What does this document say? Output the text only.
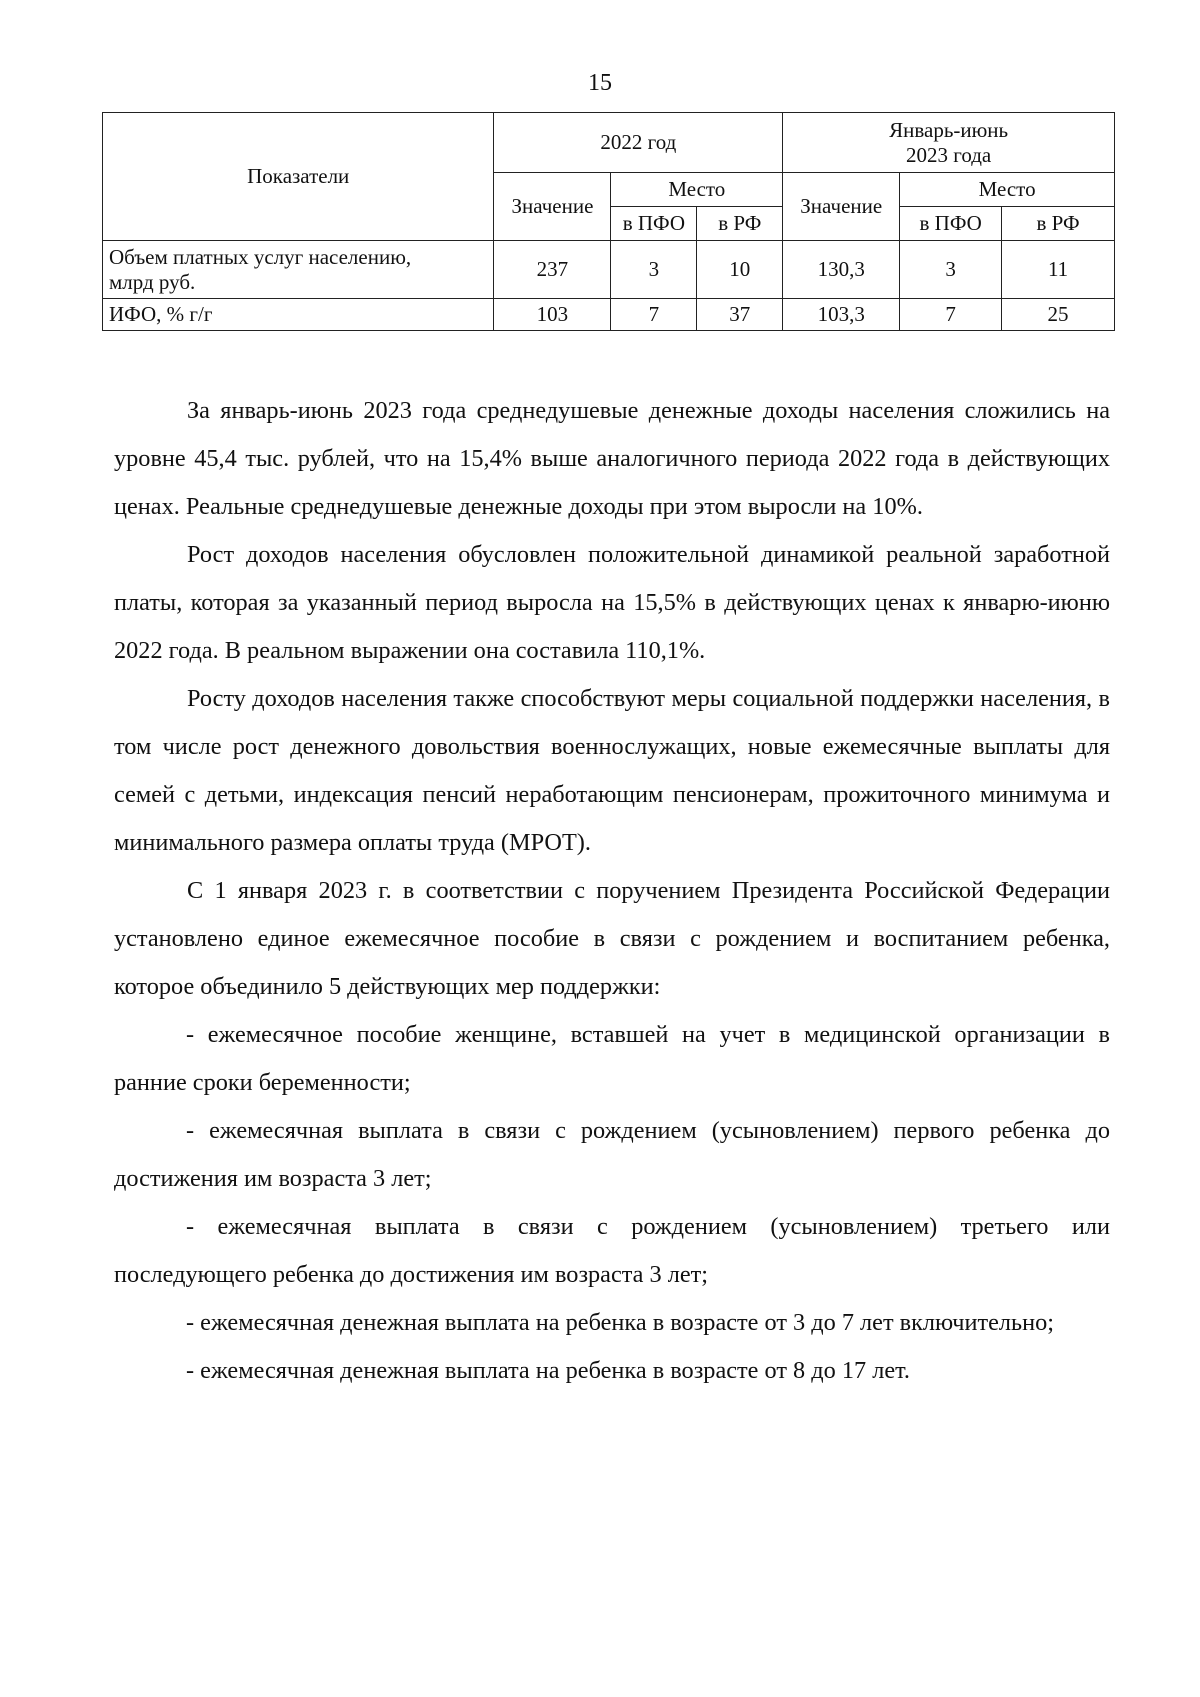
15
Показатели	2022 год			Январь-июнь
2023 года		
	Значение	Место		Значение	Место	
		в ПФО	в РФ		в ПФО	в РФ
Объем платных услуг населению,
млрд руб.	237	3	10	130,3	3	11
ИФО, % г/г	103	7	37	103,3	7	25

За январь-июнь 2023 года среднедушевые денежные доходы населения сложились на уровне 45,4 тыс. рублей, что на 15,4% выше аналогичного периода 2022 года в действующих ценах. Реальные среднедушевые денежные доходы при этом выросли на 10%.

Рост доходов населения обусловлен положительной динамикой реальной заработной платы, которая за указанный период выросла на 15,5% в действующих ценах к январю-июню 2022 года. В реальном выражении она составила 110,1%.

Росту доходов населения также способствуют меры социальной поддержки населения, в том числе рост денежного довольствия военнослужащих, новые ежемесячные выплаты для семей с детьми, индексация пенсий неработающим пенсионерам, прожиточного минимума и минимального размера оплаты труда (МРОТ).

С 1 января 2023 г. в соответствии с поручением Президента Российской Федерации установлено единое ежемесячное пособие в связи с рождением и воспитанием ребенка, которое объединило 5 действующих мер поддержки:

- ежемесячное пособие женщине, вставшей на учет в медицинской организации в ранние сроки беременности;

- ежемесячная выплата в связи с рождением (усыновлением) первого ребенка до достижения им возраста 3 лет;

- ежемесячная выплата в связи с рождением (усыновлением) третьего или последующего ребенка до достижения им возраста 3 лет;

- ежемесячная денежная выплата на ребенка в возрасте от 3 до 7 лет включительно;

- ежемесячная денежная выплата на ребенка в возрасте от 8 до 17 лет.
